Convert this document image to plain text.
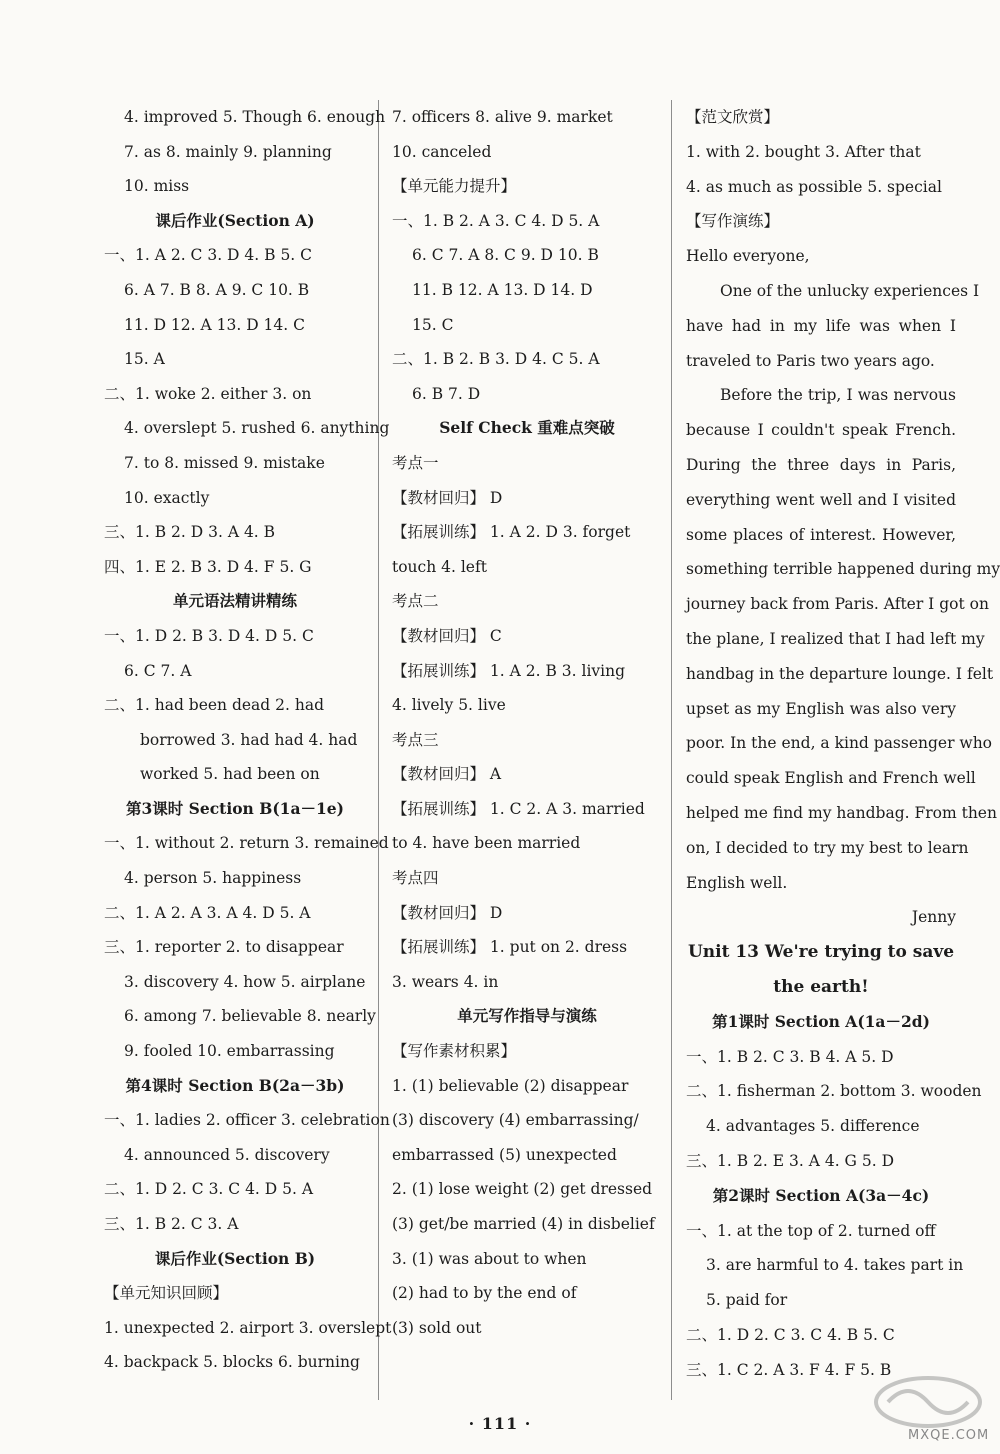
4. improved 5. Though 6. enough
7. as 8. mainly 9. planning
10. miss
课后作业(Section A)
一、1. A 2. C 3. D 4. B 5. C
6. A 7. B 8. A 9. C 10. B
11. D 12. A 13. D 14. C
15. A
二、1. woke 2. either 3. on
4. overslept 5. rushed 6. anything
7. to 8. missed 9. mistake
10. exactly
三、1. B 2. D 3. A 4. B
四、1. E 2. B 3. D 4. F 5. G
单元语法精讲精练
一、1. D 2. B 3. D 4. D 5. C
6. C 7. A
二、1. had been dead 2. had
borrowed 3. had had 4. had
worked 5. had been on
第3课时 Section B(1a－1e)
一、1. without 2. return 3. remained
4. person 5. happiness
二、1. A 2. A 3. A 4. D 5. A
三、1. reporter 2. to disappear
3. discovery 4. how 5. airplane
6. among 7. believable 8. nearly
9. fooled 10. embarrassing
第4课时 Section B(2a－3b)
一、1. ladies 2. officer 3. celebration
4. announced 5. discovery
二、1. D 2. C 3. C 4. D 5. A
三、1. B 2. C 3. A
课后作业(Section B)
【单元知识回顾】
1. unexpected 2. airport 3. overslept
4. backpack 5. blocks 6. burning
7. officers 8. alive 9. market
10. canceled
【单元能力提升】
一、1. B 2. A 3. C 4. D 5. A
6. C 7. A 8. C 9. D 10. B
11. B 12. A 13. D 14. D
15. C
二、1. B 2. B 3. D 4. C 5. A
6. B 7. D
Self Check 重难点突破
考点一
【教材回归】 D
【拓展训练】 1. A 2. D 3. forget
touch 4. left
考点二
【教材回归】 C
【拓展训练】 1. A 2. B 3. living
4. lively 5. live
考点三
【教材回归】 A
【拓展训练】 1. C 2. A 3. married
to 4. have been married
考点四
【教材回归】 D
【拓展训练】 1. put on 2. dress
3. wears 4. in
单元写作指导与演练
【写作素材积累】
1. (1) believable (2) disappear
(3) discovery (4) embarrassing/
embarrassed (5) unexpected
2. (1) lose weight (2) get dressed
(3) get/be married (4) in disbelief
3. (1) was about to when
(2) had to by the end of
(3) sold out
【范文欣赏】
1. with 2. bought 3. After that
4. as much as possible 5. special
【写作演练】
Hello everyone,
One of the unlucky experiences I
have had in my life was when I
traveled to Paris two years ago.
Before the trip, I was nervous
because I couldn't speak French.
During the three days in Paris,
everything went well and I visited
some places of interest. However,
something terrible happened during my
journey back from Paris. After I got on
the plane, I realized that I had left my
handbag in the departure lounge. I felt
upset as my English was also very
poor. In the end, a kind passenger who
could speak English and French well
helped me find my handbag. From then
on, I decided to try my best to learn
English well.
Jenny
Unit 13 We're trying to save
the earth!
第1课时 Section A(1a－2d)
一、1. B 2. C 3. B 4. A 5. D
二、1. fisherman 2. bottom 3. wooden
4. advantages 5. difference
三、1. B 2. E 3. A 4. G 5. D
第2课时 Section A(3a－4c)
一、1. at the top of 2. turned off
3. are harmful to 4. takes part in
5. paid for
二、1. D 2. C 3. C 4. B 5. C
三、1. C 2. A 3. F 4. F 5. B
· 111 ·
MXQE.COM
